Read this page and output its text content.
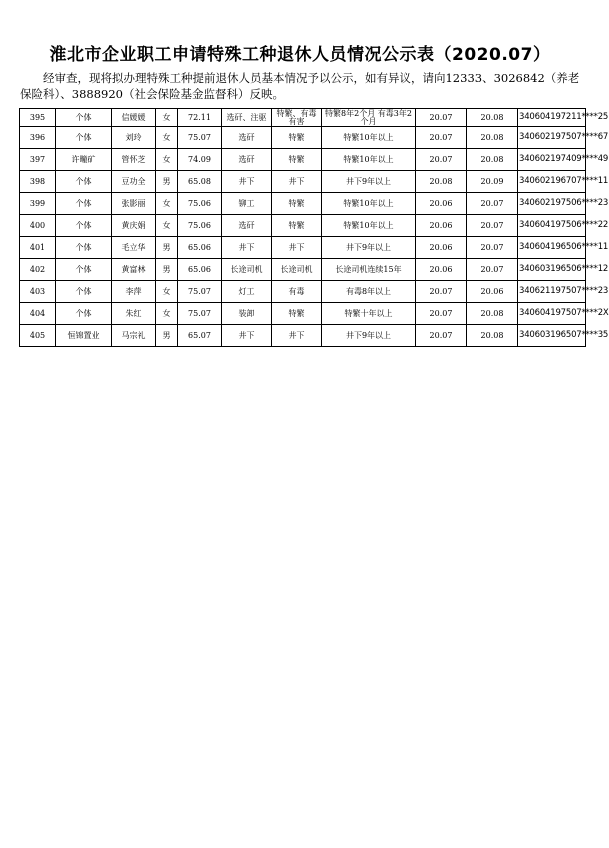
淮北市企业职工申请特殊工种退休人员情况公示表（2020.07）
经审查，现将拟办理特殊工种提前退休人员基本情况予以公示，如有异议，请向12333、3026842（养老保险科）、3888920（社会保险基金监督科）反映。
395	个体	信媛媛	女	72.11	选矸、注驱	特繁、有毒有害	特繁8年2个月 有毒3年2个月	20.07	20.08	340604197211****25
396	个体	刘玲	女	75.07	选矸	特繁	特繁10年以上	20.07	20.08	340602197507****67
397	许疃矿	管怀芝	女	74.09	选矸	特繁	特繁10年以上	20.07	20.08	340602197409****49
398	个体	豆功全	男	65.08	井下	井下	井下9年以上	20.08	20.09	340602196707****11
399	个体	张影丽	女	75.06	铆工	特繁	特繁10年以上	20.06	20.07	340602197506****23
400	个体	黄庆娟	女	75.06	选矸	特繁	特繁10年以上	20.06	20.07	340604197506****22
401	个体	毛立华	男	65.06	井下	井下	井下9年以上	20.06	20.07	340604196506****11
402	个体	黄富林	男	65.06	长途司机	长途司机	长途司机连续15年	20.06	20.07	340603196506****12
403	个体	李萍	女	75.07	灯工	有毒	有毒8年以上	20.07	20.06	340621197507****23
404	个体	朱红	女	75.07	装卸	特繁	特繁十年以上	20.07	20.08	340604197507****2X
405	恒锦置业	马宗礼	男	65.07	井下	井下	井下9年以上	20.07	20.08	340603196507****35
